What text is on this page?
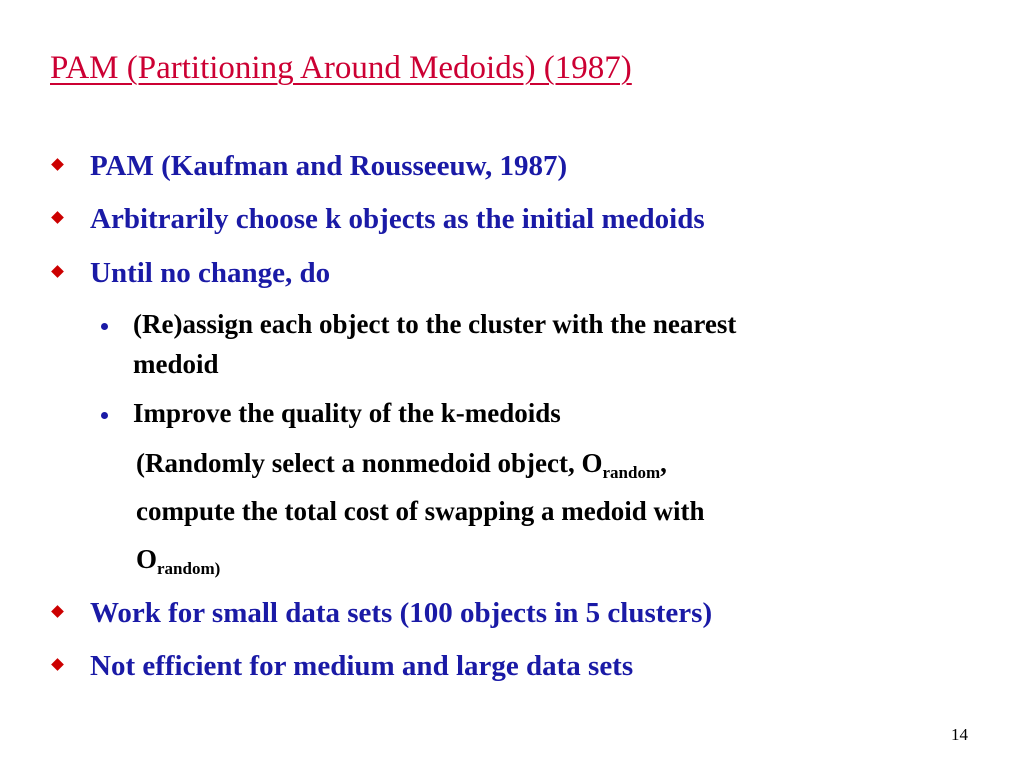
PAM (Partitioning Around Medoids) (1987)
PAM (Kaufman and Rousseeuw, 1987)
Arbitrarily choose k objects as the initial medoids
Until no change, do
(Re)assign each object to the cluster with the nearest
medoid
Improve the quality of the k-medoids
(Randomly select a nonmedoid object, $O_{random}$,
compute the total cost of swapping a medoid with
$O_{random)}$
Work for small data sets (100 objects in 5 clusters)
Not efficient for medium and large data sets
14
